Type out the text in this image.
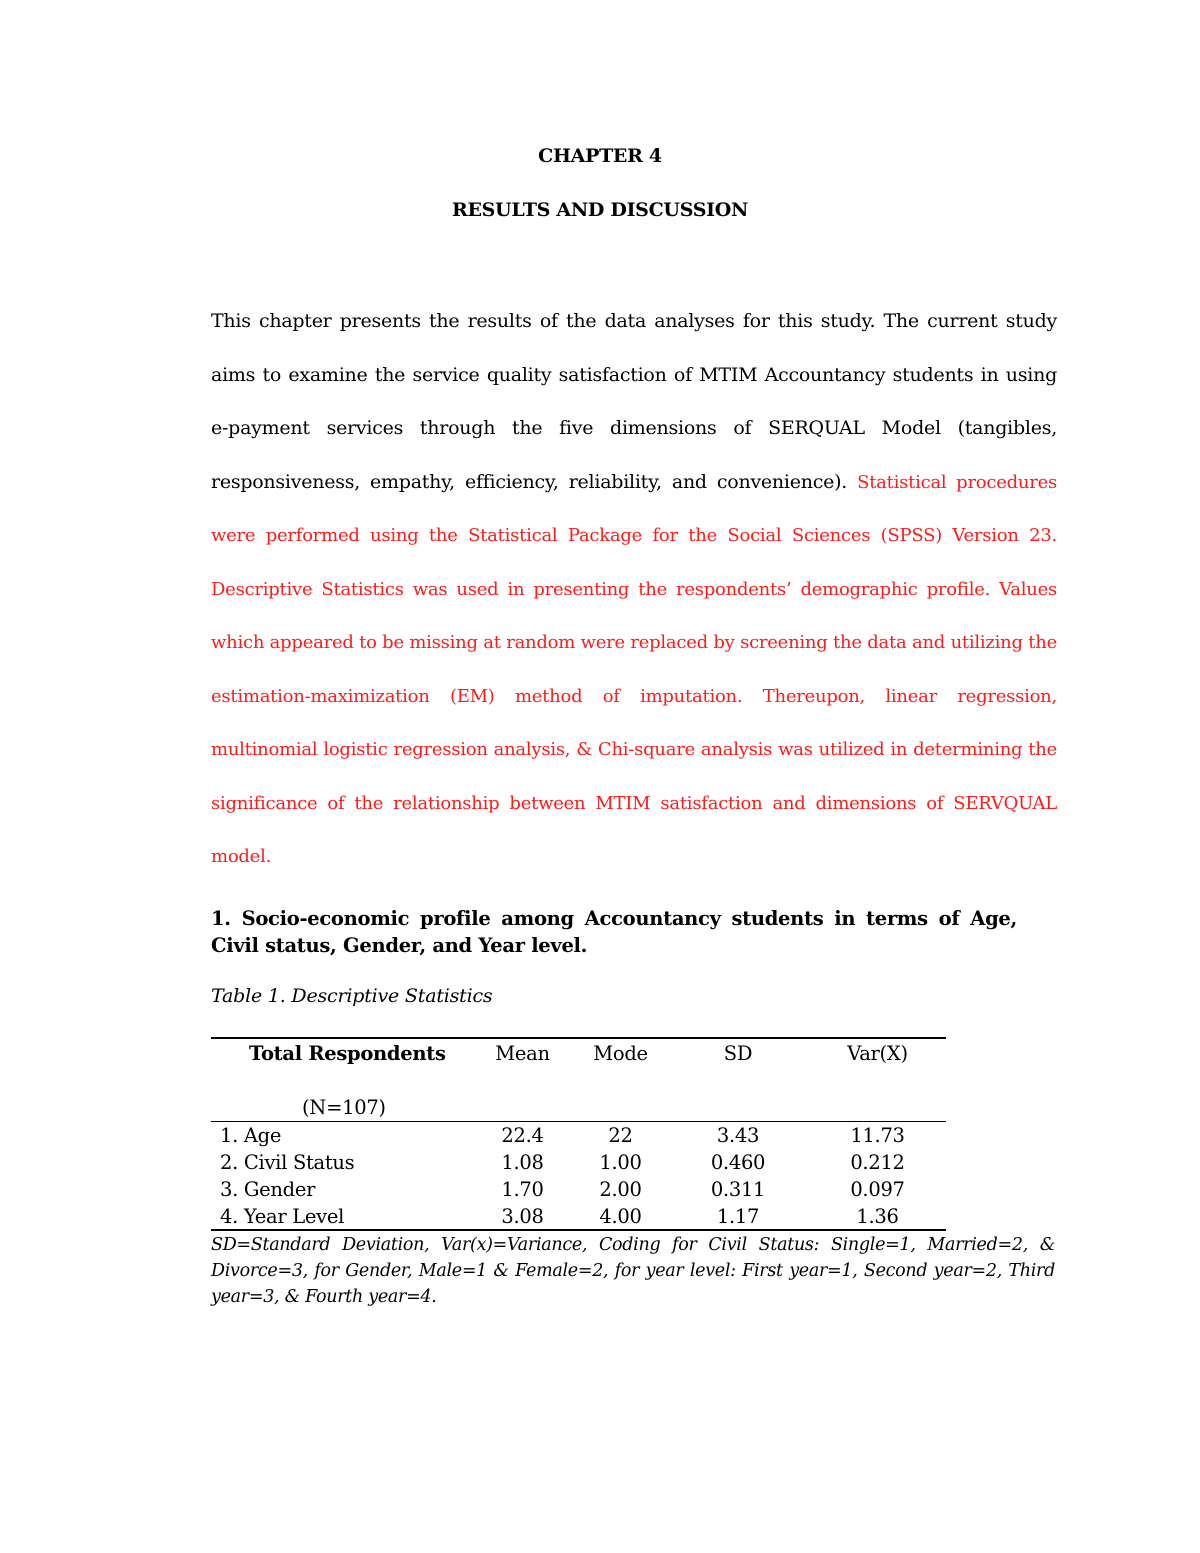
CHAPTER 4
RESULTS AND DISCUSSION
This chapter presents the results of the data analyses for this study. The current study aims to examine the service quality satisfaction of MTIM Accountancy students in using e-payment services through the five dimensions of SERQUAL Model (tangibles, responsiveness, empathy, efficiency, reliability, and convenience). Statistical procedures were performed using the Statistical Package for the Social Sciences (SPSS) Version 23. Descriptive Statistics was used in presenting the respondents’ demographic profile. Values which appeared to be missing at random were replaced by screening the data and utilizing the estimation-maximization (EM) method of imputation. Thereupon, linear regression, multinomial logistic regression analysis, & Chi-square analysis was utilized in determining the significance of the relationship between MTIM satisfaction and dimensions of SERVQUAL model.
1. Socio-economic profile among Accountancy students in terms of Age, Civil status, Gender, and Year level.
Table 1. Descriptive Statistics
Total Respondents	Mean	Mode	SD	Var(X)
(N=107)
1. Age	22.4	22	3.43	11.73
2. Civil Status	1.08	1.00	0.460	0.212
3. Gender	1.70	2.00	0.311	0.097
4. Year Level	3.08	4.00	1.17	1.36
SD=Standard Deviation, Var(x)=Variance, Coding for Civil Status: Single=1, Married=2, & Divorce=3, for Gender, Male=1 & Female=2, for year level: First year=1, Second year=2, Third year=3, & Fourth year=4.
